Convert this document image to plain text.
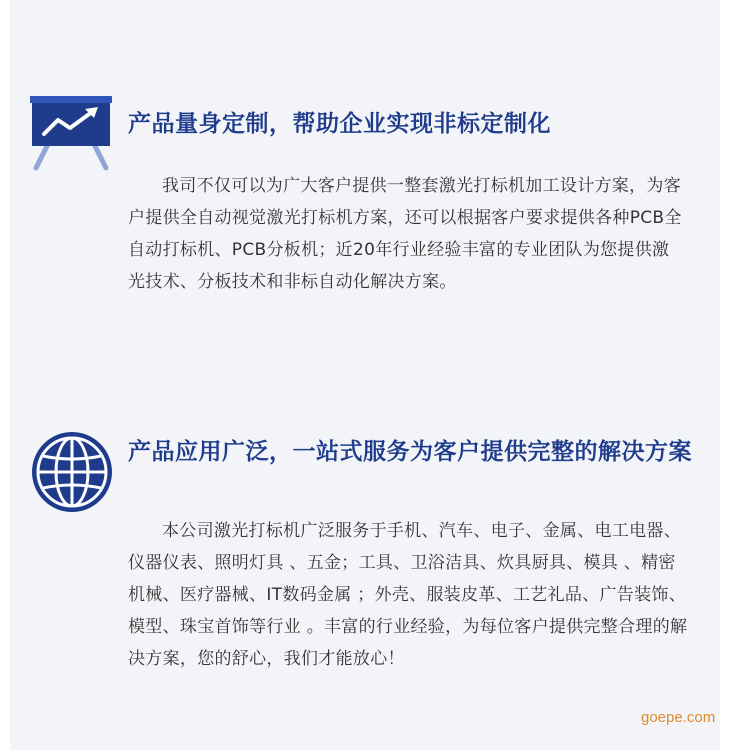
产品量身定制，帮助企业实现非标定制化

我司不仅可以为广大客户提供一整套激光打标机加工设计方案，为客户提供全自动视觉激光打标机方案，还可以根据客户要求提供各种PCB全自动打标机、PCB分板机；近20年行业经验丰富的专业团队为您提供激光技术、分板技术和非标自动化解决方案。

产品应用广泛，一站式服务为客户提供完整的解决方案

本公司激光打标机广泛服务于手机、汽车、电子、金属、电工电器、仪器仪表、照明灯具 、五金；工具、卫浴洁具、炊具厨具、模具 、精密机械、医疗器械、IT数码金属 ；外壳、服装皮革、工艺礼品、广告装饰、模型、珠宝首饰等行业 。丰富的行业经验，为每位客户提供完整合理的解决方案，您的舒心，我们才能放心！

goepe.com
